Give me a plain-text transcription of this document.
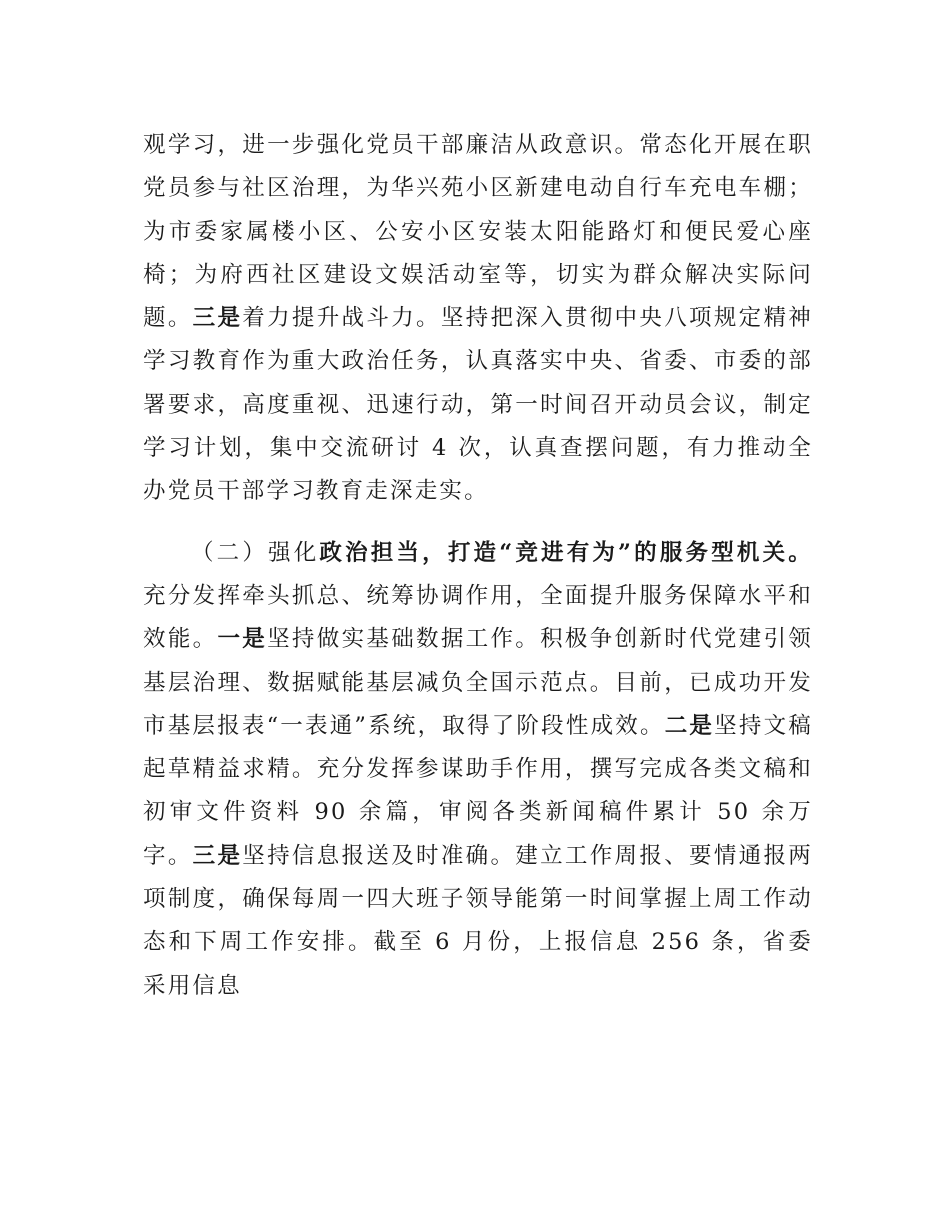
观学习，进一步强化党员干部廉洁从政意识。常态化开展在职党员参与社区治理，为华兴苑小区新建电动自行车充电车棚；为市委家属楼小区、公安小区安装太阳能路灯和便民爱心座椅；为府西社区建设文娱活动室等，切实为群众解决实际问题。三是着力提升战斗力。坚持把深入贯彻中央八项规定精神学习教育作为重大政治任务，认真落实中央、省委、市委的部署要求，高度重视、迅速行动，第一时间召开动员会议，制定学习计划，集中交流研讨 4 次，认真查摆问题，有力推动全办党员干部学习教育走深走实。

（二）强化政治担当，打造“竞进有为”的服务型机关。充分发挥牵头抓总、统筹协调作用，全面提升服务保障水平和效能。一是坚持做实基础数据工作。积极争创新时代党建引领基层治理、数据赋能基层减负全国示范点。目前，已成功开发市基层报表“一表通”系统，取得了阶段性成效。二是坚持文稿起草精益求精。充分发挥参谋助手作用，撰写完成各类文稿和初审文件资料 90 余篇，审阅各类新闻稿件累计 50 余万字。三是坚持信息报送及时准确。建立工作周报、要情通报两项制度，确保每周一四大班子领导能第一时间掌握上周工作动态和下周工作安排。截至 6 月份，上报信息 256 条，省委采用信息
